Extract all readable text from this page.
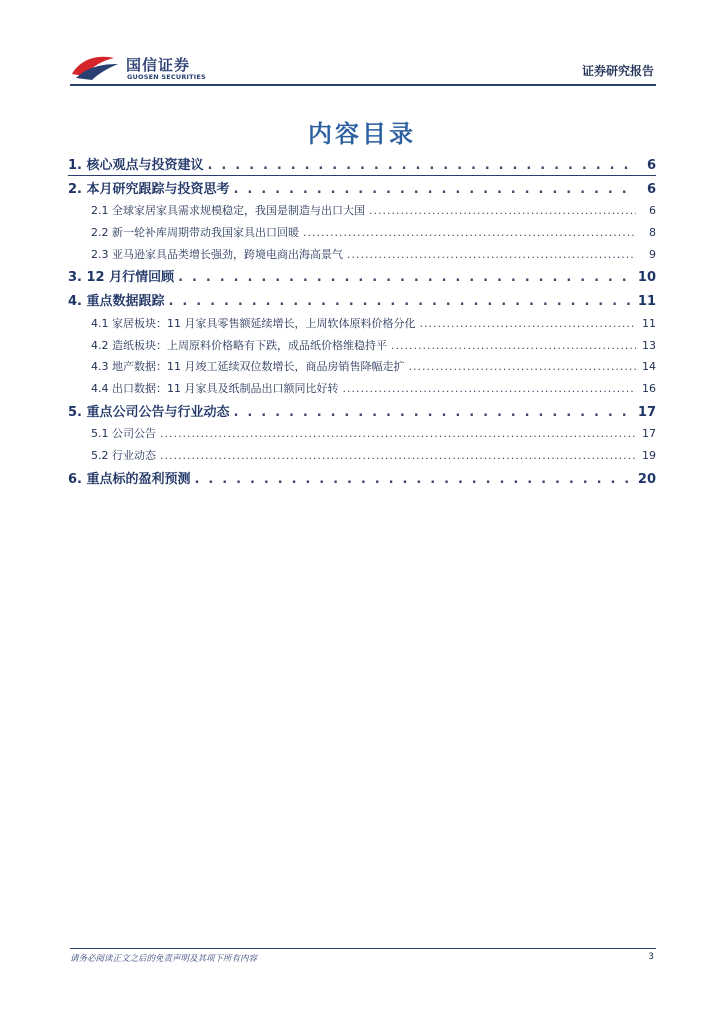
国信证券
GUOSEN SECURITIES	证券研究报告
内容目录
1. 核心观点与投资建议 . . .	6
2. 本月研究跟踪与投资思考 . . .	6
2.1 全球家居家具需求规模稳定，我国是制造与出口大国 .....	6
2.2 新一轮补库周期带动我国家具出口回暖 .....	8
2.3 亚马逊家具品类增长强劲，跨境电商出海高景气 .....	9
3. 12 月行情回顾 . . .	10
4. 重点数据跟踪 . . .	11
4.1 家居板块：11 月家具零售额延续增长，上周软体原料价格分化 .....	11
4.2 造纸板块：上周原料价格略有下跌，成品纸价格维稳持平 .....	13
4.3 地产数据：11 月竣工延续双位数增长，商品房销售降幅走扩 .....	14
4.4 出口数据：11 月家具及纸制品出口额同比好转 .....	16
5. 重点公司公告与行业动态 . . .	17
5.1 公司公告 .....	17
5.2 行业动态 .....	19
6. 重点标的盈利预测 . . .	20
请务必阅读正文之后的免责声明及其项下所有内容	3
